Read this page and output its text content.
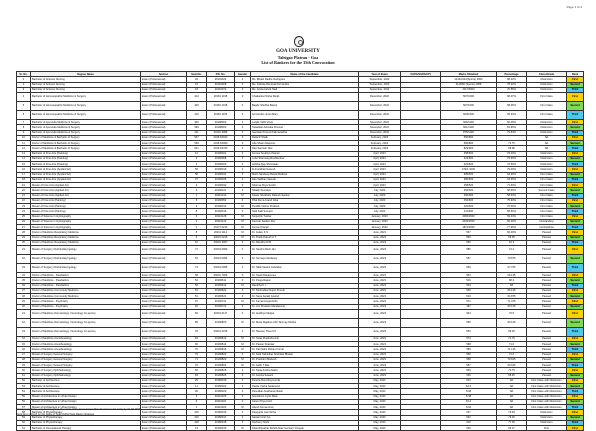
Page 1 of 4
GOA UNIVERSITY
Taleigao Plateau - Goa
List of Rankers for the 35th Convocation
Sr. No.	Degree Name	Section	Seat No.	P.R. No.	Gender	Name of the Candidate	Year of Exam	CGPA/SGPA/CPI	Marks Obtained	Percentage	Class/Grade	Rank
1	Bachelor of Science Nursing	Exam (Professional)	32	20191024	F	Ms. Bhakti Radhe Rodrigues	September, 2022		2144/3142(Sports) 2000	68.22%	Distinction	First
2	Bachelor of Science Nursing	Exam (Professional)	19	20191008	F	Ms. Fabiola Reneeta Fernandes	September, 2022		2119/50 (Sports) 2088	78.22%	Distinction	Second
3	Bachelor of Science Nursing	Exam (Professional)	18	20191072	F	Ms. Arpita Ashok Naik	September, 2022		2117/3000	70.56%	Distinction	Third
4	Bachelor of Homoeopathic Medicine & Surgery	Exam (Professional)	413	20181 1108	F	Chadankar Nisha Ranjit	December, 2022		507/1000	68.47%	First Class	First
5	Bachelor of Homoeopathic Medicine & Surgery	Exam (Professional)	420	20181 1018	F	Bagde Shobha Bapuji	December, 2022		507/1000	68.46%	First Class	Second
6	Bachelor of Homoeopathic Medicine & Surgery	Exam (Professional)	419	20181 1165	F	Fernandes Jenel Mary	December, 2022		660/1500	65.33%	First Class	Third
7	Bachelor of Ayurveda Medicine & Surgery	Exam (Professional)	400	20198000	F	Lanjile Vidhi Vinay	November, 2022		906/1100	82.45%	Distinction	First
8	Bachelor of Ayurveda Medicine & Surgery	Exam (Professional)	399	20198003	F	Talaulikar Ashwika Pramod	November, 2022		901/1100	81.90%	Distinction	Second
9	Bachelor of Ayurveda Medicine & Surgery	Exam (Professional)	411	20191 3086	F	Gaonkar Poorva Padmanabha	November, 2022		875/1100	79.54%	Distinction	Third
10	Doctor of Medicine & Bachelor of Surgery	Exam (Professional)	547	2018 K0044	F	Dalia R Shaik	February, 2023		650/800		NA	First
11	Doctor of Medicine & Bachelor of Surgery	Exam (Professional)	539	2018 K0060	F	Afia Shatin Majumer	February, 2023		582/800	72.75	NA	Second
12	Doctor of Medicine & Bachelor of Surgery	Exam (Professional)	521	2018 K0476	F	Rao Santosh Nitu	February, 2023		829/900	68.98	NA	Third
13	Bachelor of Fine Arts (Painting)	Exam (Professional)	12	20190021	F	Fernes Soukhyul Naravi	April, 2023		458/600	76.40%	Distinction	First
14	Bachelor of Fine Arts (Painting)	Exam (Professional)	3	20190068	F	Lobo Sharmaig Rushkenhar	April, 2023		424/600	70.66%	Distinction	Second
15	Bachelor of Fine Arts (Painting)	Exam (Professional)	2	20190026	F	Ashtha Ajay Shrivastav	April, 2023		423/600	70.50%	Distinction	Third
16	Bachelor of Fine Arts (Applied Art)	Exam (Professional)	50	20190019	F	D Arundhati Ganesh	April, 2023		474/1 1000	79.00%	Distinction	First
17	Bachelor of Fine Arts (Applied Art)	Exam (Professional)	58	20190041	F	Matin Sandeep Rawal Mathiya	April, 2023		389/600	64.66%	First Class	Second
18	Bachelor of Fine Arts (Applied Art)	Exam (Professional)	27	20190035	F	Das Vaibhav Vasudo	April, 2023		386/600	64.66%	First Class	Third
19	Master of Fine Arts (Applied Art)	Exam (Professional)	3	20190032	F	Sharma Priya Sushil	April, 2023		358/500	71.60%	First Class	First
20	Master of Fine Arts (Applied Art)	Exam (Professional)	2	20190121	F	Shaikh Sumaiya	July, 2023		352/600	58.66%	Second Class	Second
21	Master of Fine Arts (Applied Art)	Exam (Professional)	1	20210013	M	Pawar Shubham Rakesh Sankar	July, 2023		350/600	58.33%	First Class	Third
22	Master of Fine Arts (Painting)	Exam (Professional)	5	20190052	F	Phal Rumi Anand Ghai	July, 2023		452/600	75.33%	First Class	First
23	Master of Fine Arts (Painting)	Exam (Professional)	3	20190012	M	Pundlik Vishnu Prakash	July, 2023		420/600	70.00%	First Class	Second
24	Master of Fine Arts (Painting)	Exam (Professional)	8	20190016	F	Naik Kalil Sumant	July, 2023		411/600	68.50%	First Class	Third
25	Master of Science in Hydrography	Exam (Professional)	6	20210128	M	Surjuchik Tushar	January, 2023		2083/3000	69.43%	First Class	First
26	Master of Science in Hydrography	Exam (Professional)	3	20210122	M	Kamran Sadam Roy	January, 2023		2033/2500	66.40%	Outstanding	Second
27	Master of Science in Hydrography	Exam (Professional)	2	20171 0213	M	Kumar Kharati	January, 2023		1874/3000	77.96%	1st Rankfirst	Third
28	Doctor of Medicine Respiratory Medicine	Exam (Professional)	8	20211 1114	M	Dr. Aslam K S	June, 2023		567	66.00%	Passed	First
29	Doctor of Medicine Respiratory Medicine	Exam (Professional)	6	20201 0216	M	Dr. Pratik Paresh A T	June, 2023		550	65.35	Passed	Second
30	Doctor of Medicine Respiratory Medicine	Exam (Professional)	10	20201 3067	F	Dr. Ranjitha M B	June, 2023		530	64.3	Passed	Third
31	Master of Surgery Otorhinolaryngology	Exam (Professional)	71	20201 0093	F	Dr. Sandra Mehi Jan	June, 2023		586	74.2	Passed	First
32	Master of Surgery Otorhinolaryngology	Exam (Professional)	53	20201 0094	F	Dr. Sumaya Vardaney	June, 2023		567	70.875	Passed	Second
33	Master of Surgery Otorhinolaryngology	Exam (Professional)	74	20201 0095	F	Dr. Nikki Vasant Ashokkar	June, 2023		539	67.375	Passed	Third
34	Doctor of Medicine - Paediatrics	Exam (Professional)	58	20201 7066	F	Dr. Swati Dasapurea	June, 2023		553	69.125	Passed	First
35	Doctor of Medicine - Paediatrics	Exam (Professional)	52	20190611	F	Dr. Pooja Rajesi	June, 2023		546	68.3	Passed	Second
36	Doctor of Medicine - Paediatrics	Exam (Professional)	56	20190612	M	Rambha K J	June, 2023		544	68	Passed	Third
37	Doctor of Medicine Community Medicine	Exam (Professional)	52	20190624	F	Dr. Nimbodkar Rujuri Sinoub	June, 2023		539	66.125	Passed	First
38	Doctor of Medicine Community Medicine	Exam (Professional)	51	20190621	F	Dr. Nene Ketaki Govind	June, 2023		519	64.875	Passed	Second
39	Doctor of Medicine - Psychiatry	Exam (Professional)	97	20190721	M	Dr. Kamat Anuja Rohit	June, 2023		571	71.375	Passed	First
40	Doctor of Medicine - Psychiatry	Exam (Professional)	92	20190722	F	Dr. Jun Preetam Mandjanner	June, 2023		497	60.125	Passed	Second
41	Doctor of Medicine Dermatology, Venerology & Leprosy	Exam (Professional)	84	20201 0117	F	Dr. Aradhya Vaidya	June, 2023		564	70.5	Passed	First
42	Doctor of Medicine Dermatology, Venerology & Leprosy	Exam (Professional)	89	20190820	M	Dr. Maze Rajdeve Abir Tanmay Modus	June, 2023		559	69.125	Passed	Second
43	Doctor of Medicine Dermatology, Venerology & Leprosy	Exam (Professional)	78	20201 2316	F	Dr. Naveen Thua A P	June, 2023		553	69.25	Passed	Third
44	Doctor of Medicine Anesthesiology	Exam (Professional)	64	20190813	M	Dr. Sutar Pratiksha Anil	June, 2023		574	71.75	Passed	First
45	Doctor of Medicine Anesthesiology	Exam (Professional)	66	20190814	M	Dr. Pawan Shankar	June, 2023		568	71.0	Passed	Second
46	Doctor of Medicine Anesthesiology	Exam (Professional)	76	20190815	M	Dr. Pal Nalini Mohan Kumar	June, 2023		585	71.125	Passed	Third
47	Master of Surgery General Surgery	Exam (Professional)	70	20190822	F	Dr. Naik Tadohikar Snehlata Bhatan	June, 2023		568	71.0	Passed	First
48	Master of Surgery General Surgery	Exam (Professional)	71	20190823	M	Dr. Prashant Mahesh	June, 2023		568	70.625	Passed	Second
49	Master of Surgery General Surgery	Exam (Professional)	76	20190824	M	Dr. Aatib T Rae	June, 2023		557	69.625	Passed	Third
50	Master of Surgery Ophthalmology	Exam (Professional)	82	20190825	F	Dr. Stoia Anisha Nalini	June, 2023		566	70.75	Passed	First
51	Master of Surgery Ophthalmology	Exam (Professional)	84	20190826	F	Dr. Asmita Sawant	June, 2023		546	68.25	Passed	Second
52	Bachelor of Architecture	Exam (Professional)	25	20180019	F	Pereira Nora Raymonda	May, 2023		610	NA	First Class with Distinction	First
53	Bachelor of Architecture	Exam (Professional)	11	20180022	F	Patole Yasha Sadanand	May, 2023		8.13	NA	First Class with Distinction	Second
54	Bachelor of Architecture	Exam (Professional)	30	20180023	F	Parvatkar Aradhana Nitesh	May, 2023		8.08	NA	First Class with Distinction	Third
55	Master of Architecture in Urban Design	Exam (Professional)	3	20210025	F	Gonsalves Cyrle Mark	May, 2023		8.48	NA	First Class with Distinction	First
56	Master of Architecture in Urban Design	Exam (Professional)	6	20210021	F	Karen Priya Aruiz	May, 2023		8.12	NA	First Class with Distinction	Second
57	Master of Architecture in Urban Design	Exam (Professional)	1	20210022	M	Hitesh Kumar Aruz	May, 2023		8.04	NA	First Class with Distinction	Third
58	Bachelor of Physiotherapy	Exam (Professional)	415	20180016	F	Dasgupta Lisa Sinha	May, 2023		637	79.63	Distinction	First
59	Bachelor of Physiotherapy	Exam (Professional)	416	20180017	F	Sawant Anil Jyo	May, 2023		632	79.00	Distinction	Second
60	Bachelor of Physiotherapy	Exam (Professional)	418	20180018	F	Docherry Nishi	May, 2023		616	77.00	Distinction	Third
61	Bachelor of Occupational Therapy	Exam (Professional)	13	20190015	M	Khambhparkar Rohith Alias Sumtam Vinayak	May, 2023		529	66.17	First	First
Discrepancy if any, may be brought to the notice of the Examination Branch of Goa University by 31.07.2023
Rank list is arrived on the basis of Total CGPA/Total Marks Obtained.
